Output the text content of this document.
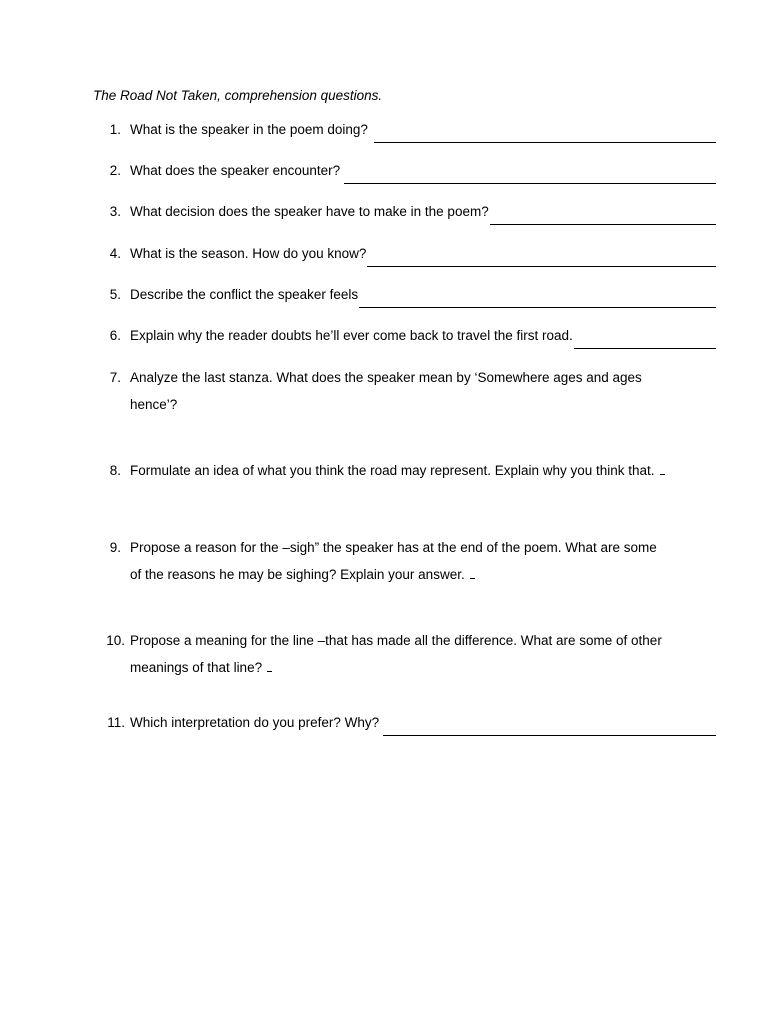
The Road Not Taken, comprehension questions.
1. What is the speaker in the poem doing?
2. What does the speaker encounter?
3. What decision does the speaker have to make in the poem?
4. What is the season. How do you know?
5. Describe the conflict the speaker feels
6. Explain why the reader doubts he’ll ever come back to travel the first road.
7. Analyze the last stanza. What does the speaker mean by ‘Somewhere ages and ages hence’?
8. Formulate an idea of what you think the road may represent. Explain why you think that.
9. Propose a reason for the –sigh” the speaker has at the end of the poem. What are some of the reasons he may be sighing? Explain your answer.
10. Propose a meaning for the line –that has made all the difference. What are some of other meanings of that line?
11. Which interpretation do you prefer? Why?
